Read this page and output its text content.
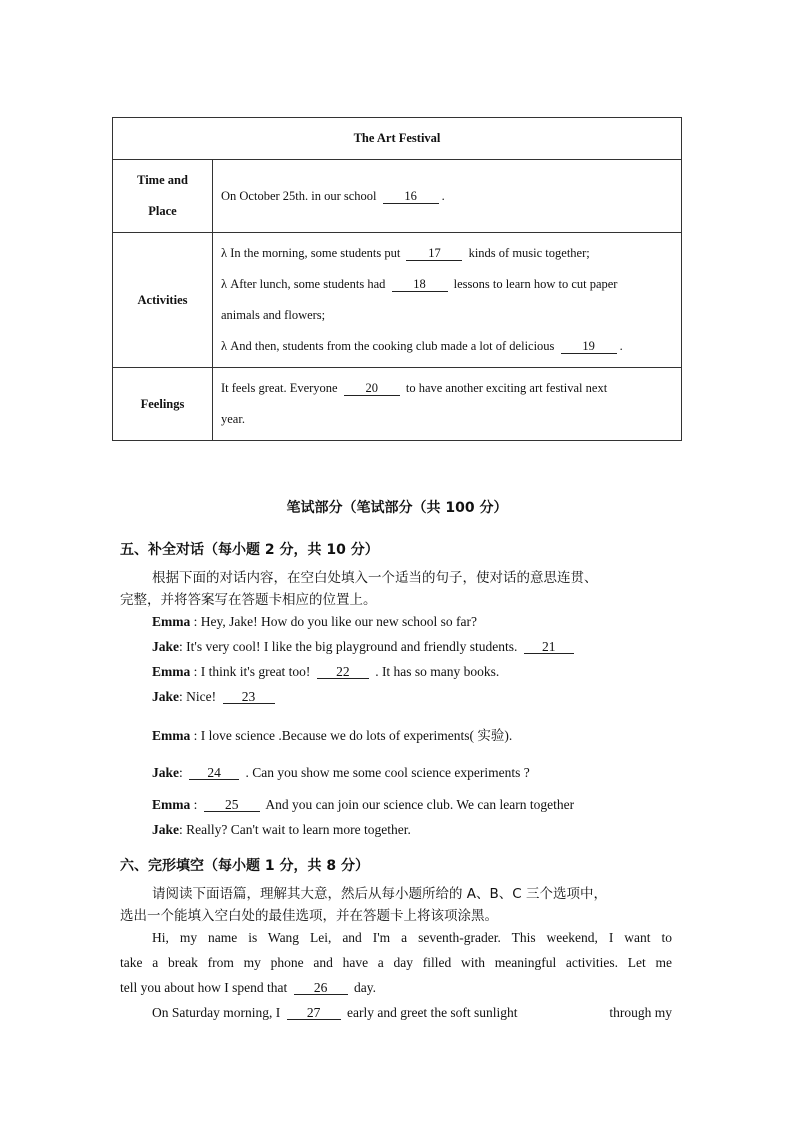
The Art Festival	

Time and
Place	On October 25th. in our school 16 .
Activities	λ In the morning, some students put 17 kinds of music together;
λ After lunch, some students had 18 lessons to learn how to cut paper
animals and flowers;
λ And then, students from the cooking club made a lot of delicious 19 .

Feelings	It feels great. Everyone 20 to have another exciting art festival next
year.
笔试部分（笔试部分（共 100 分）
五、补全对话（每小题 2 分，共 10 分）
根据下面的对话内容，在空白处填入一个适当的句子，使对话的意思连贯、
完整，并将答案写在答题卡相应的位置上。
Emma : Hey, Jake! How do you like our new school so far?
Jake: It's very cool! I like the big playground and friendly students. 21
Emma : I think it's great too! 22 . It has so many books.
Jake: Nice! 23
Emma : I love science .Because we do lots of experiments( 实验).
Jake: 24 . Can you show me some cool science experiments ?
Emma : 25 And you can join our science club. We can learn together
Jake: Really? Can't wait to learn more together.
六、完形填空（每小题 1 分，共 8 分）
请阅读下面语篇，理解其大意，然后从每小题所给的 A、B、C 三个选项中，
选出一个能填入空白处的最佳选项，并在答题卡上将该项涂黑。
Hi, my name is Wang Lei, and I'm a seventh-grader. This weekend, I want to
take a break from my phone and have a day filled with meaningful activities. Let me
tell you about how I spend that 26 day.
On Saturday morning, I 27 early and greet the soft sunlight	through my
